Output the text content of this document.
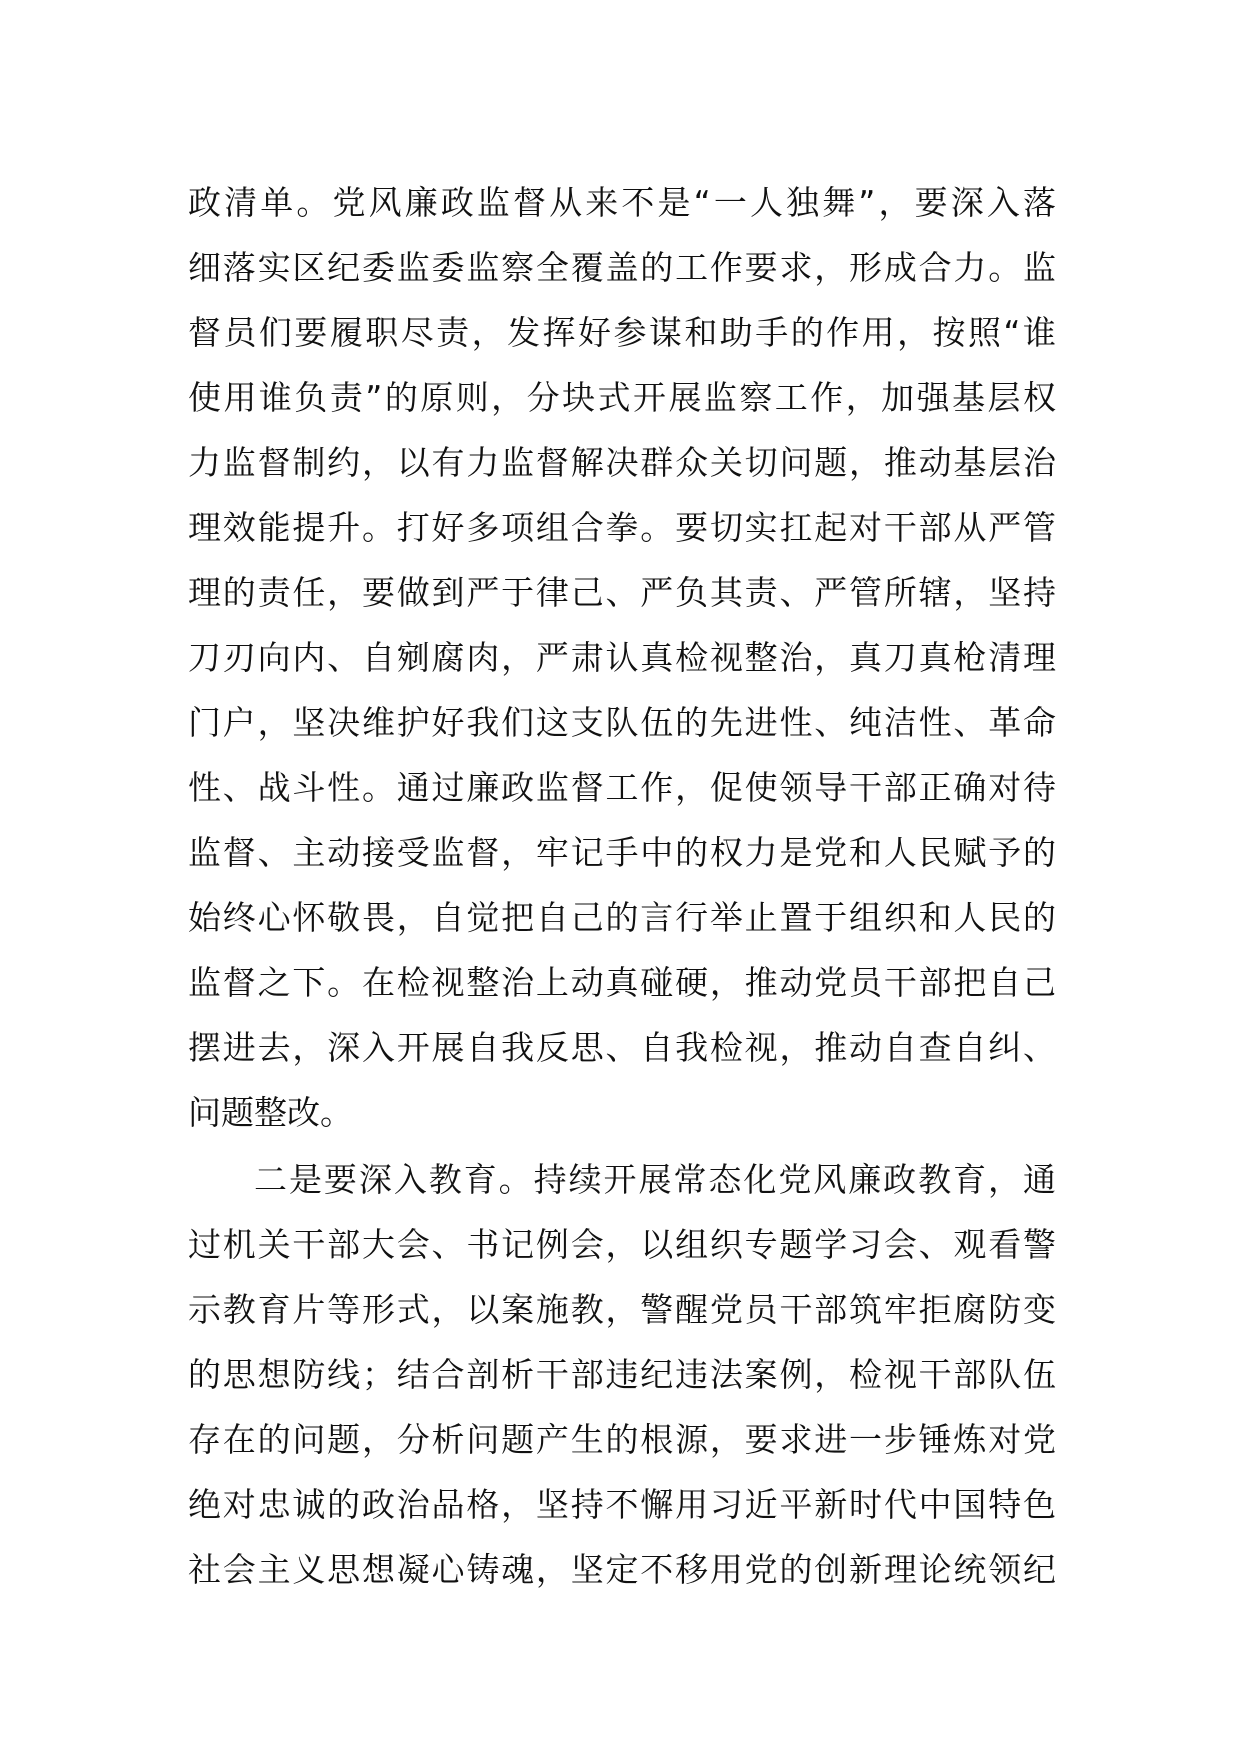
政清单。党风廉政监督从来不是“一人独舞”，要深入落
细落实区纪委监委监察全覆盖的工作要求，形成合力。监
督员们要履职尽责，发挥好参谋和助手的作用，按照“谁
使用谁负责”的原则，分块式开展监察工作，加强基层权
力监督制约，以有力监督解决群众关切问题，推动基层治
理效能提升。打好多项组合拳。要切实扛起对干部从严管
理的责任，要做到严于律己、严负其责、严管所辖，坚持
刀刃向内、自剜腐肉，严肃认真检视整治，真刀真枪清理
门户，坚决维护好我们这支队伍的先进性、纯洁性、革命
性、战斗性。通过廉政监督工作，促使领导干部正确对待
监督、主动接受监督，牢记手中的权力是党和人民赋予的
始终心怀敬畏，自觉把自己的言行举止置于组织和人民的
监督之下。在检视整治上动真碰硬，推动党员干部把自己
摆进去，深入开展自我反思、自我检视，推动自查自纠、
问题整改。
二是要深入教育。持续开展常态化党风廉政教育，通
过机关干部大会、书记例会，以组织专题学习会、观看警
示教育片等形式，以案施教，警醒党员干部筑牢拒腐防变
的思想防线；结合剖析干部违纪违法案例，检视干部队伍
存在的问题，分析问题产生的根源，要求进一步锤炼对党
绝对忠诚的政治品格，坚持不懈用习近平新时代中国特色
社会主义思想凝心铸魂，坚定不移用党的创新理论统领纪
